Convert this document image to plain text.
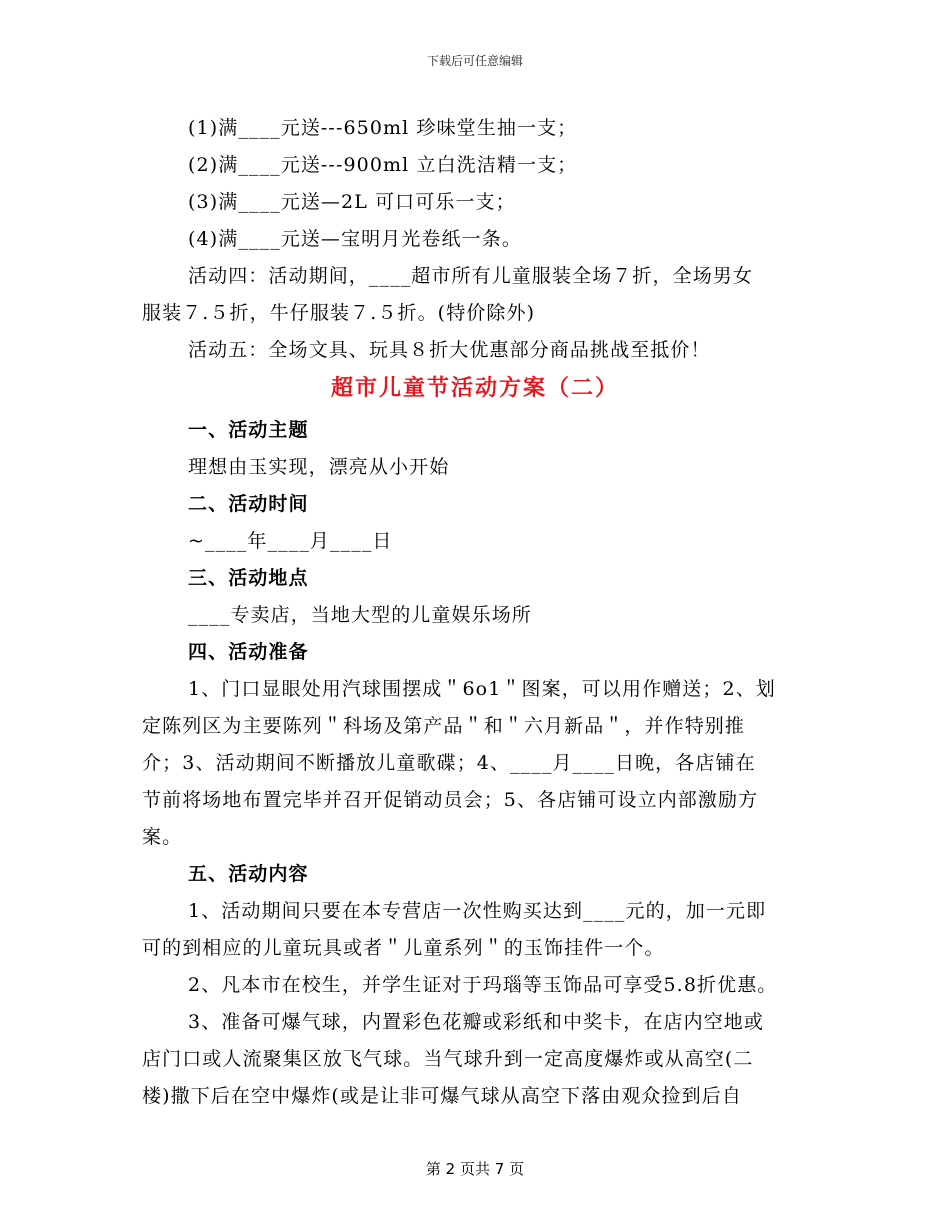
下载后可任意编辑
(1)满____元送---650ml 珍味堂生抽一支；
(2)满____元送---900ml 立白洗洁精一支；
(3)满____元送—2L 可口可乐一支；
(4)满____元送—宝明月光卷纸一条。
活动四：活动期间，____超市所有儿童服装全场７折，全场男女
服装７.５折，牛仔服装７.５折。(特价除外)
活动五：全场文具、玩具８折大优惠部分商品挑战至抵价！
超市儿童节活动方案（二）
一、活动主题
理想由玉实现，漂亮从小开始
二、活动时间
~____年____月____日
三、活动地点
____专卖店，当地大型的儿童娱乐场所
四、活动准备
1、门口显眼处用汽球围摆成＂6o1＂图案，可以用作赠送；2、划
定陈列区为主要陈列＂科场及第产品＂和＂六月新品＂，并作特别推
介；3、活动期间不断播放儿童歌碟；4、____月____日晚，各店铺在
节前将场地布置完毕并召开促销动员会；5、各店铺可设立内部激励方
案。
五、活动内容
1、活动期间只要在本专营店一次性购买达到____元的，加一元即
可的到相应的儿童玩具或者＂儿童系列＂的玉饰挂件一个。
2、凡本市在校生，并学生证对于玛瑙等玉饰品可享受5.8折优惠。
3、准备可爆气球，内置彩色花瓣或彩纸和中奖卡，在店内空地或
店门口或人流聚集区放飞气球。当气球升到一定高度爆炸或从高空(二
楼)撒下后在空中爆炸(或是让非可爆气球从高空下落由观众捡到后自
第 2 页共 7 页
